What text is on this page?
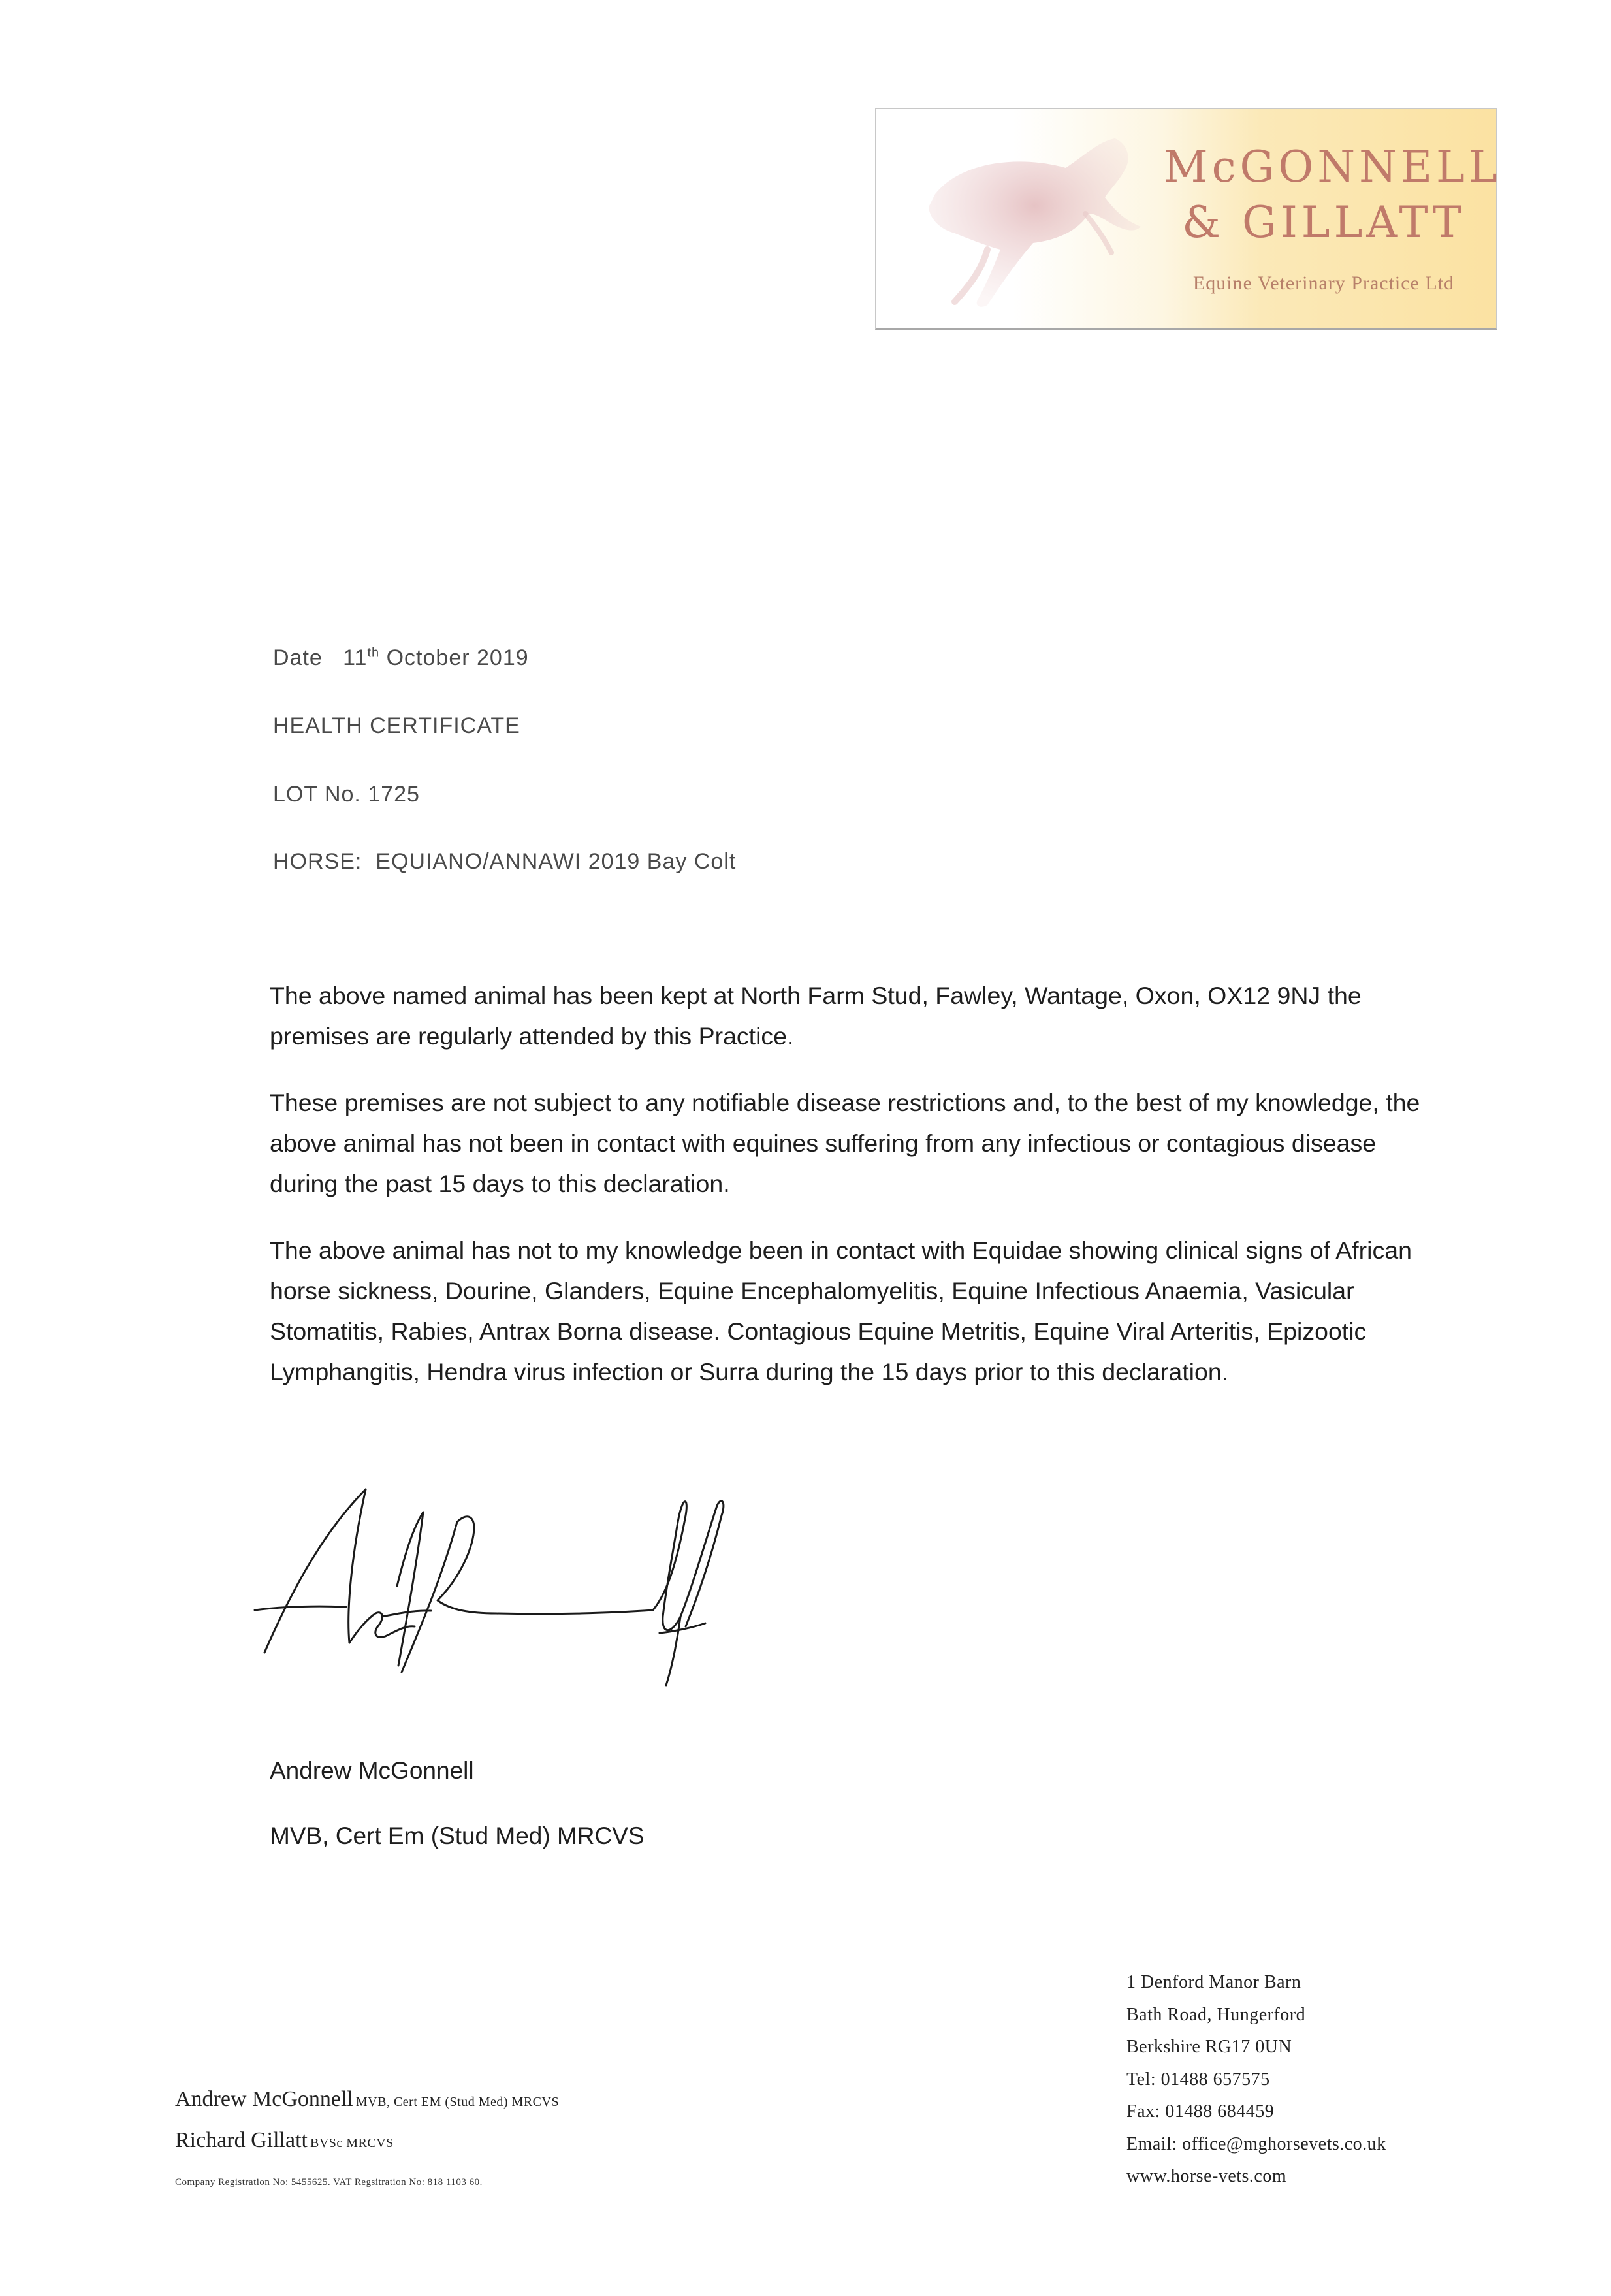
McGONNELL
& GILLATT
Equine Veterinary Practice Ltd
Date 11th October 2019
HEALTH CERTIFICATE
LOT No. 1725
HORSE: EQUIANO/ANNAWI 2019 Bay Colt

The above named animal has been kept at North Farm Stud, Fawley, Wantage, Oxon, OX12 9NJ the premises are regularly attended by this Practice.

These premises are not subject to any notifiable disease restrictions and, to the best of my knowledge, the above animal has not been in contact with equines suffering from any infectious or contagious disease during the past 15 days to this declaration.

The above animal has not to my knowledge been in contact with Equidae showing clinical signs of African horse sickness, Dourine, Glanders, Equine Encephalomyelitis, Equine Infectious Anaemia, Vasicular Stomatitis, Rabies, Antrax Borna disease. Contagious Equine Metritis, Equine Viral Arteritis, Epizootic Lymphangitis, Hendra virus infection or Surra during the 15 days prior to this declaration.

Andrew McGonnell
MVB, Cert Em (Stud Med) MRCVS
Andrew McGonnell MVB, Cert EM (Stud Med) MRCVS
Richard Gillatt BVSc MRCVS
Company Registration No: 5455625. VAT Regsitration No: 818 1103 60.
1 Denford Manor Barn
Bath Road, Hungerford
Berkshire RG17 0UN
Tel: 01488 657575
Fax: 01488 684459
Email: office@mghorsevets.co.uk
www.horse-vets.com
